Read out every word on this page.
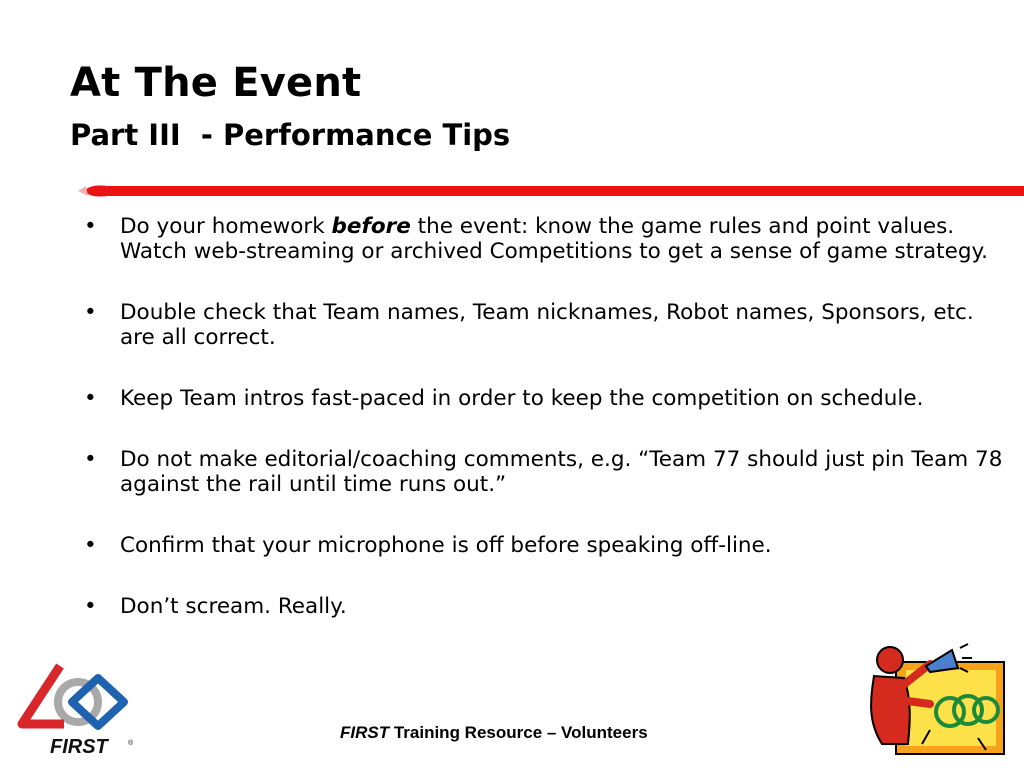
At The Event
Part III  - Performance Tips
• Do your homework before the event: know the game rules and point values. Watch web-streaming or archived Competitions to get a sense of game strategy.
• Double check that Team names, Team nicknames, Robot names, Sponsors, etc. are all correct.
• Keep Team intros fast-paced in order to keep the competition on schedule.
• Do not make editorial/coaching comments, e.g. “Team 77 should just pin Team 78 against the rail until time runs out.”
• Confirm that your microphone is off before speaking off-line.
• Don’t scream. Really.
FIRST	®
FIRST Training Resource – Volunteers
